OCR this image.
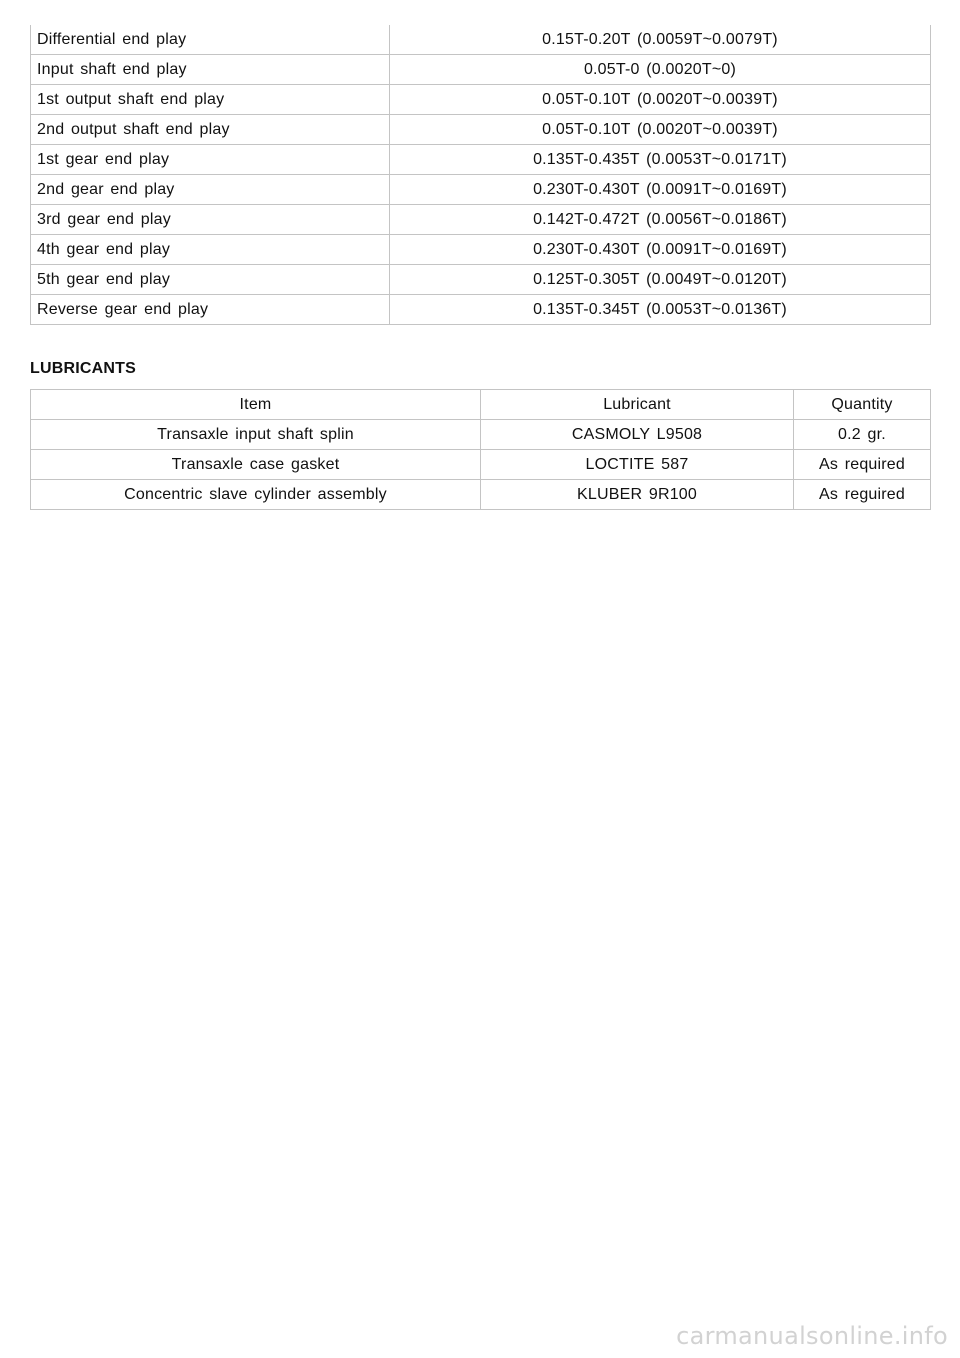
Differential end play	0.15T-0.20T (0.0059T~0.0079T)
Input shaft end play	0.05T-0 (0.0020T~0)
1st output shaft end play	0.05T-0.10T (0.0020T~0.0039T)
2nd output shaft end play	0.05T-0.10T (0.0020T~0.0039T)
1st gear end play	0.135T-0.435T (0.0053T~0.0171T)
2nd gear end play	0.230T-0.430T (0.0091T~0.0169T)
3rd gear end play	0.142T-0.472T (0.0056T~0.0186T)
4th gear end play	0.230T-0.430T (0.0091T~0.0169T)
5th gear end play	0.125T-0.305T (0.0049T~0.0120T)
Reverse gear end play	0.135T-0.345T (0.0053T~0.0136T)
LUBRICANTS
Item	Lubricant	Quantity
Transaxle input shaft splin	CASMOLY L9508	0.2 gr.
Transaxle case gasket	LOCTITE 587	As required
Concentric slave cylinder assembly	KLUBER 9R100	As reguired
carmanualsonline.info
